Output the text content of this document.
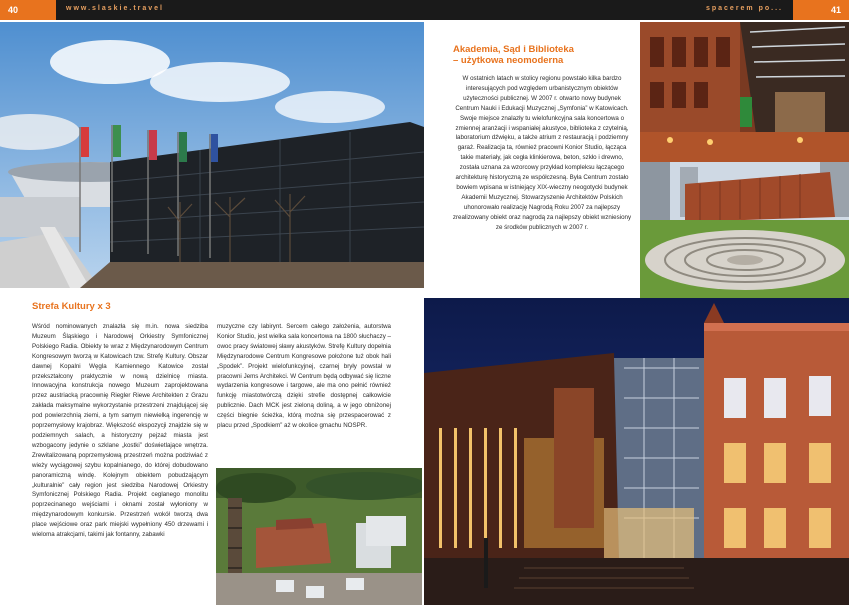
40	www.slaskie.travel	spacerem po...	41
Akademia, Sąd i Biblioteka
– użytkowa neomoderna
W ostatnich latach w stolicy regionu powstało kilka bardzo interesujących pod względem urbanistycznym obiektów użyteczności publicznej. W 2007 r. otwarto nowy budynek Centrum Nauki i Edukacji Muzycznej „Symfonia” w Katowicach. Swoje miejsce znalazły tu wielofunkcyjna sala koncertowa o zmiennej aranżacji i wspaniałej akustyce, biblioteka z czytelnią, laboratorium dźwięku, a także atrium z restauracją i podziemny garaż. Realizacja ta, również pracowni Konior Studio, łącząca takie materiały, jak cegła klinkierowa, beton, szkło i drewno, została uznana za wzorcowy przykład kompleksu łączącego architekturę historyczną ze współczesną. Była Centrum zostało bowiem wpisana w istniejący XIX-wieczny neogotycki budynek Akademii Muzycznej. Stowarzyszenie Architektów Polskich uhonorowało realizację Nagrodą Roku 2007 za najlepszy zrealizowany obiekt oraz nagrodą za najlepszy obiekt wzniesiony ze środków publicznych w 2007 r.
Strefa Kultury x 3
Wśród nominowanych znalazła się m.in. nowa siedziba Muzeum Śląskiego i Narodowej Orkiestry Symfonicznej Polskiego Radia. Obiekty te wraz z Międzynarodowym Centrum Kongresowym tworzą w Katowicach tzw. Strefę Kultury. Obszar dawnej Kopalni Węgla Kamiennego Katowice został przekształcony praktycznie w nową dzielnicę miasta. Innowacyjna konstrukcja nowego Muzeum zaprojektowana przez austriacką pracownię Riegler Riewe Architekten z Grazu zakłada maksymalne wykorzystanie przestrzeni znajdującej się pod powierzchnią ziemi, a tym samym niewielką ingerencję w poprzemysłowy krajobraz. Większość ekspozycji znajdzie się w podziemnych salach, a historyczny pejzaż miasta jest wzbogacony jedynie o szklane „kostki” doświetlające wnętrza. Zrewitalizowaną poprzemysłową przestrzeń można podziwiać z wieży wyciągowej szybu kopalnianego, do której dobudowano panoramiczną windę. Kolejnym obiektem pobudzającym „kulturalnie” cały region jest siedziba Narodowej Orkiestry Symfonicznej Polskiego Radia. Projekt ceglanego monolitu poprzecinanego wejściami i oknami został wyłoniony w międzynarodowym konkursie. Przestrzeń wokół tworzą dwa place wejściowe oraz park miejski wypełniony 450 drzewami i wieloma atrakcjami, takimi jak fontanny, zabawki
muzyczne czy labirynt. Sercem całego założenia, autorstwa Konior Studio, jest wielka sala koncertowa na 1800 słuchaczy – owoc pracy światowej sławy akustyków. Strefę Kultury dopełnia Międzynarodowe Centrum Kongresowe położone tuż obok hali „Spodek”. Projekt wielofunkcyjnej, czarnej bryły powstał w pracowni Jems Architekci. W Centrum będą odbywać się liczne wydarzenia kongresowe i targowe, ale ma ono pełnić również funkcję miastotwórczą dzięki strefie dostępnej całkowicie publicznie. Dach MCK jest zieloną doliną, a w jego obniżonej części biegnie ścieżka, którą można się przespacerować z placu przed „Spodkiem” aż w okolice gmachu NOSPR.
